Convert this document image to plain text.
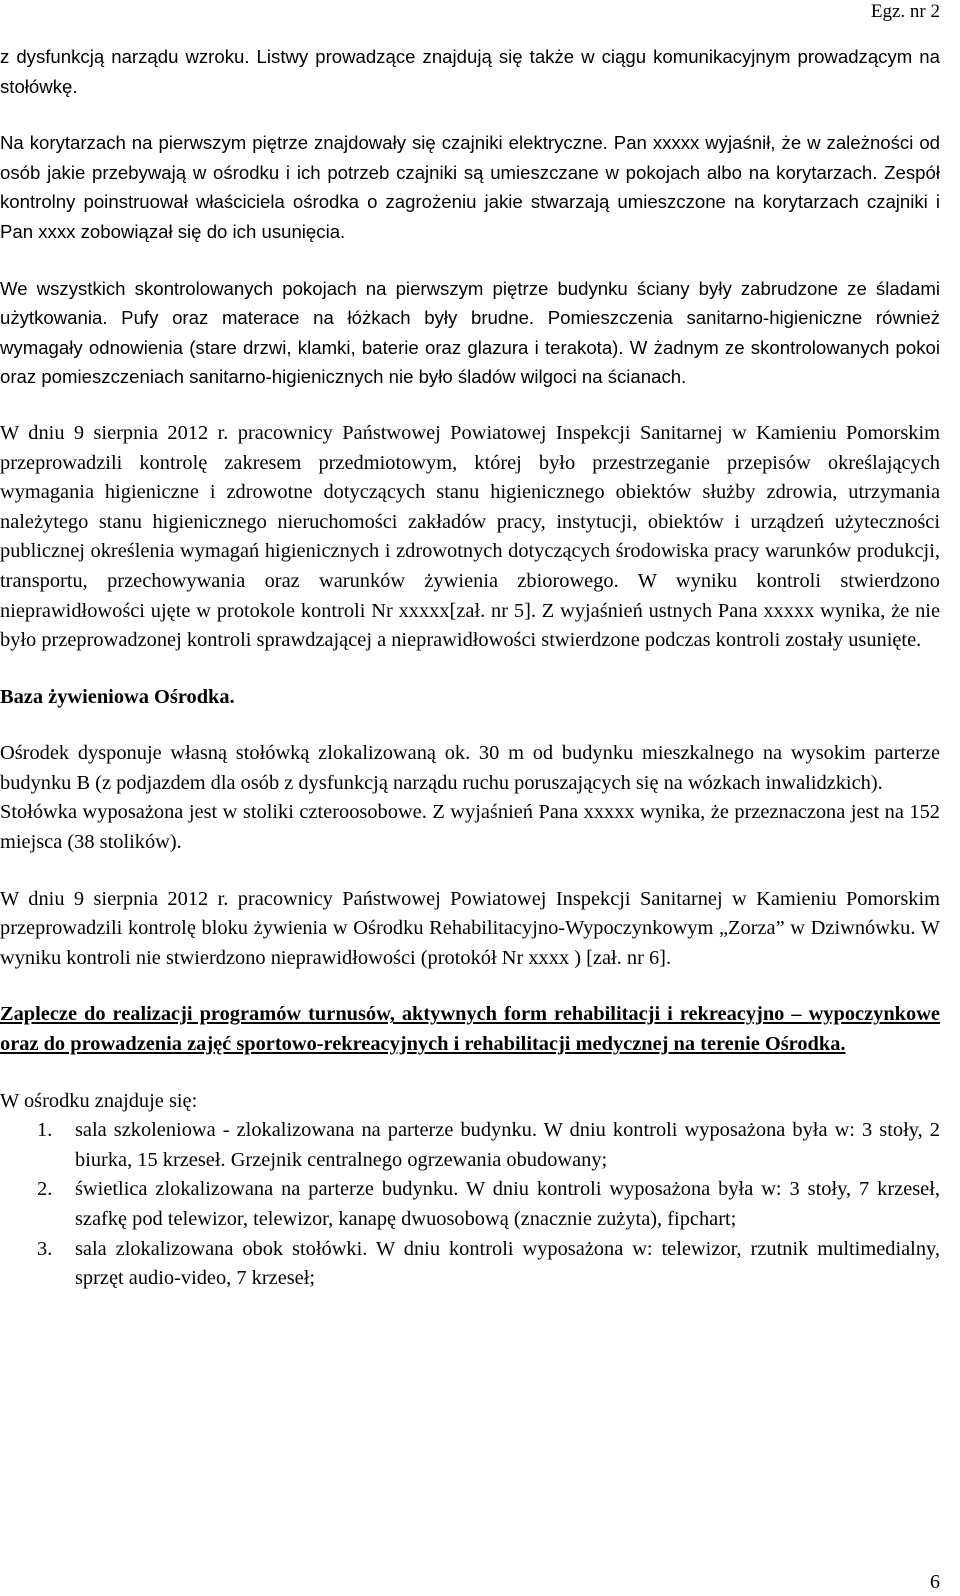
Egz. nr 2

z dysfunkcją narządu wzroku. Listwy prowadzące znajdują się także w ciągu komunikacyjnym prowadzącym na stołówkę.

Na korytarzach na pierwszym piętrze znajdowały się czajniki elektryczne. Pan xxxxx wyjaśnił, że w zależności od osób jakie przebywają w ośrodku i ich potrzeb czajniki są umieszczane w pokojach albo na korytarzach. Zespół kontrolny poinstruował właściciela ośrodka o zagrożeniu jakie stwarzają umieszczone na korytarzach czajniki i Pan xxxx zobowiązał się do ich usunięcia.

We wszystkich skontrolowanych pokojach na pierwszym piętrze budynku ściany były zabrudzone ze śladami użytkowania. Pufy oraz materace na łóżkach były brudne. Pomieszczenia sanitarno-higieniczne również wymagały odnowienia (stare drzwi, klamki, baterie oraz glazura i terakota). W żadnym ze skontrolowanych pokoi oraz pomieszczeniach sanitarno-higienicznych nie było śladów wilgoci na ścianach.

W dniu 9 sierpnia 2012 r. pracownicy Państwowej Powiatowej Inspekcji Sanitarnej w Kamieniu Pomorskim przeprowadzili kontrolę zakresem przedmiotowym, której było przestrzeganie przepisów określających wymagania higieniczne i zdrowotne dotyczących stanu higienicznego obiektów służby zdrowia, utrzymania należytego stanu higienicznego nieruchomości zakładów pracy, instytucji, obiektów i urządzeń użyteczności publicznej określenia wymagań higienicznych i zdrowotnych dotyczących środowiska pracy warunków produkcji, transportu, przechowywania oraz warunków żywienia zbiorowego. W wyniku kontroli stwierdzono nieprawidłowości ujęte w protokole kontroli Nr xxxxx[zał. nr 5]. Z wyjaśnień ustnych Pana xxxxx wynika, że nie było przeprowadzonej kontroli sprawdzającej a nieprawidłowości stwierdzone podczas kontroli zostały usunięte.

Baza żywieniowa Ośrodka.

Ośrodek dysponuje własną stołówką zlokalizowaną ok. 30 m od budynku mieszkalnego na wysokim parterze budynku B (z podjazdem dla osób z dysfunkcją narządu ruchu poruszających się na wózkach inwalidzkich).

Stołówka wyposażona jest w stoliki czteroosobowe. Z wyjaśnień Pana xxxxx wynika, że przeznaczona jest na 152 miejsca (38 stolików).

W dniu 9 sierpnia 2012 r. pracownicy Państwowej Powiatowej Inspekcji Sanitarnej w Kamieniu Pomorskim przeprowadzili kontrolę bloku żywienia w Ośrodku Rehabilitacyjno-Wypoczynkowym „Zorza” w Dziwnówku. W wyniku kontroli nie stwierdzono nieprawidłowości (protokół Nr xxxx ) [zał. nr 6].

Zaplecze do realizacji programów turnusów, aktywnych form rehabilitacji i rekreacyjno – wypoczynkowe oraz do prowadzenia zajęć sportowo-rekreacyjnych i rehabilitacji medycznej na terenie Ośrodka.

W ośrodku znajduje się:

1. sala szkoleniowa - zlokalizowana na parterze budynku. W dniu kontroli wyposażona była w: 3 stoły, 2 biurka, 15 krzeseł. Grzejnik centralnego ogrzewania obudowany;
2. świetlica zlokalizowana na parterze budynku. W dniu kontroli wyposażona była w: 3 stoły, 7 krzeseł, szafkę pod telewizor, telewizor, kanapę dwuosobową (znacznie zużyta), fipchart;
3. sala zlokalizowana obok stołówki. W dniu kontroli wyposażona w: telewizor, rzutnik multimedialny, sprzęt audio-video, 7 krzeseł;
6
